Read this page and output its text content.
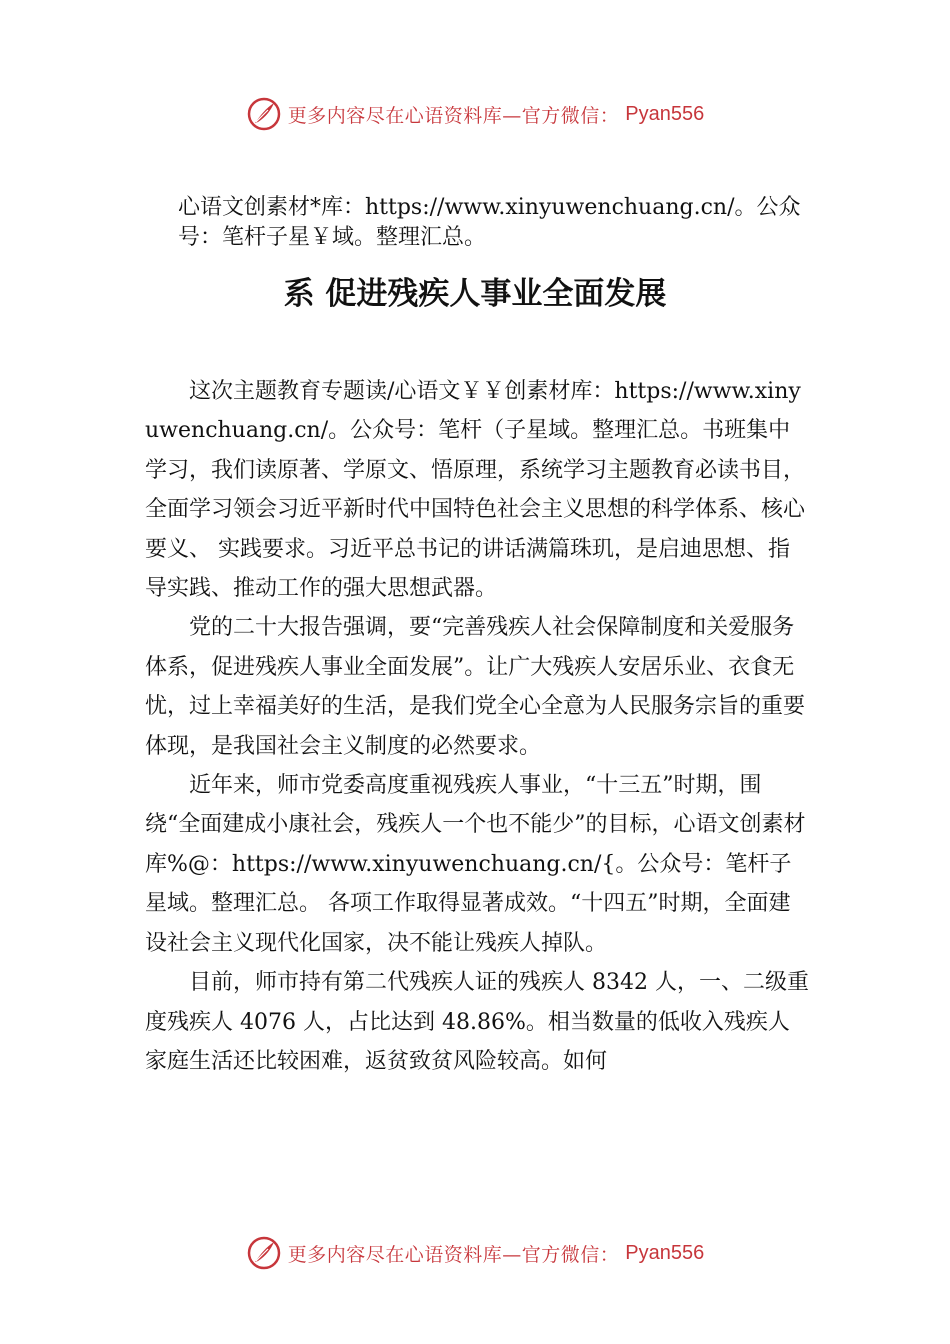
更多内容尽在心语资料库—官方微信： Pyan556
心语文创素材*库：https://www.xinyuwenchuang.cn/。公众号：笔杆子星￥域。整理汇总。
系 促进残疾人事业全面发展

这次主题教育专题读/心语文￥￥创素材库：https://www.xinyuwenchuang.cn/。公众号：笔杆（子星域。整理汇总。书班集中学习，我们读原著、学原文、悟原理，系统学习主题教育必读书目，全面学习领会习近平新时代中国特色社会主义思想的科学体系、核心要义、 实践要求。习近平总书记的讲话满篇珠玑，是启迪思想、指导实践、推动工作的强大思想武器。

党的二十大报告强调，要“完善残疾人社会保障制度和关爱服务体系，促进残疾人事业全面发展”。让广大残疾人安居乐业、衣食无忧，过上幸福美好的生活，是我们党全心全意为人民服务宗旨的重要体现，是我国社会主义制度的必然要求。

近年来，师市党委高度重视残疾人事业，“十三五”时期，围绕“全面建成小康社会，残疾人一个也不能少”的目标，心语文创素材库%@：https://www.xinyuwenchuang.cn/{。公众号：笔杆子星域。整理汇总。 各项工作取得显著成效。“十四五”时期，全面建设社会主义现代化国家，决不能让残疾人掉队。

目前，师市持有第二代残疾人证的残疾人 8342 人，一、二级重度残疾人 4076 人，占比达到 48.86%。相当数量的低收入残疾人家庭生活还比较困难，返贫致贫风险较高。如何

更多内容尽在心语资料库—官方微信： Pyan556
